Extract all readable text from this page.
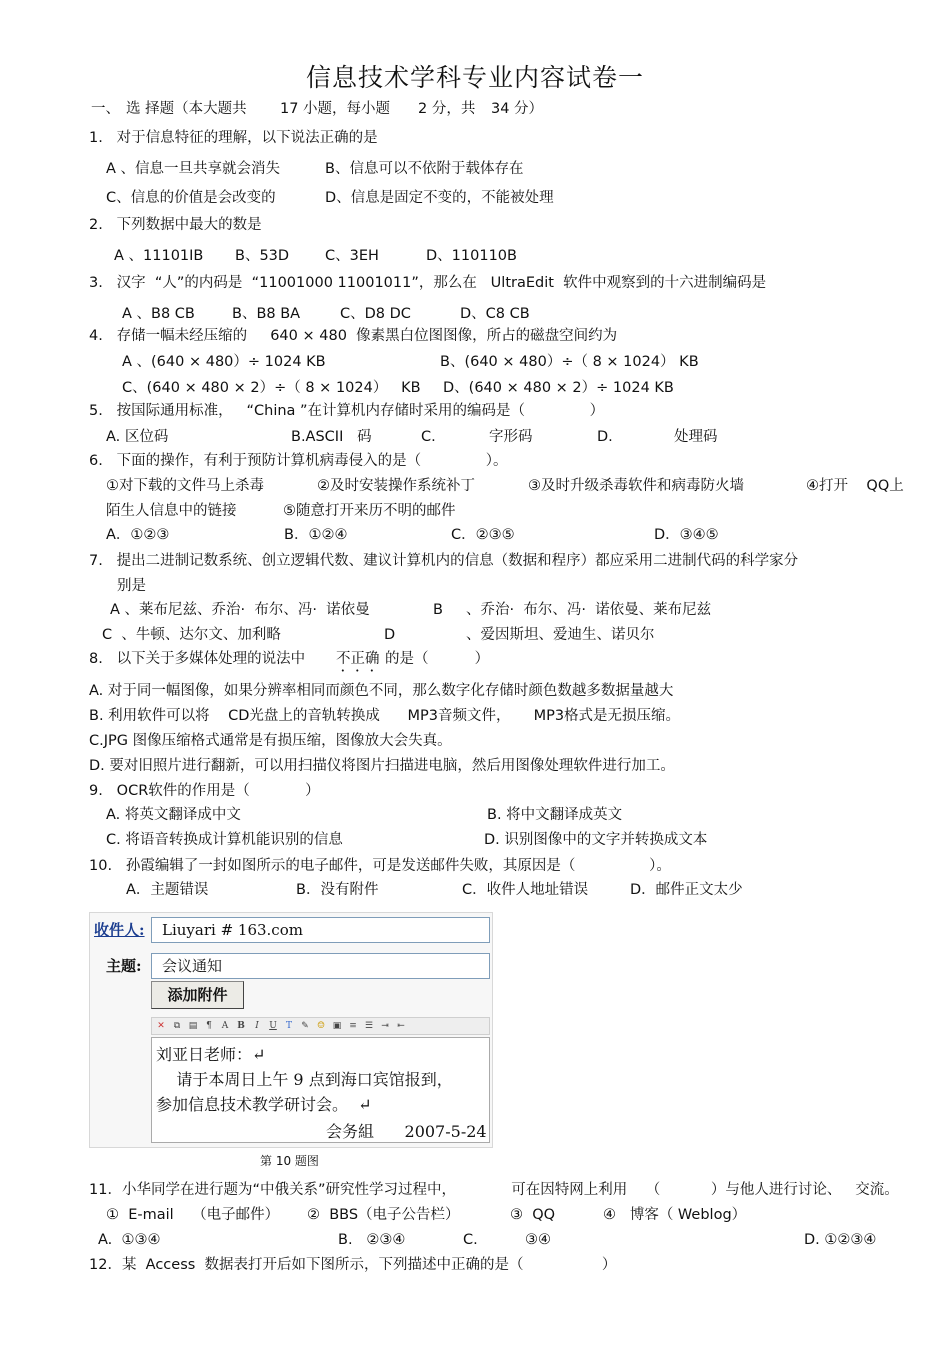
信息技术学科专业内容试卷一
一、 选 择题（本大题共 17 小题，每小题 2 分，共 34 分）
1.   对于信息特征的理解，以下说法正确的是
A 、信息一旦共享就会消失	B、信息可以不依附于载体存在
C、信息的价值是会改变的	D、信息是固定不变的，不能被处理
2.   下列数据中最大的数是
A 、11101IB B、53D C、3EH	D、110110B
3.   汉字  “人”的内码是  “11001000 11001011”，那么在   UltraEdit  软件中观察到的十六进制编码是
A 、B8 CB	B、B8 BA	C、D8 DC	D、C8 CB
4.   存储一幅未经压缩的     640 × 480  像素黑白位图图像，所占的磁盘空间约为
A 、(640 × 480）÷ 1024 KB	B、(640 × 480）÷（ 8 × 1024） KB
C、(640 × 480 × 2）÷（ 8 × 1024）   KB D、(640 × 480 × 2）÷ 1024 KB
5.   按国际通用标准，   “China ”在计算机内存储时采用的编码是（              ）
A. 区位码	B.ASCII   码	C.	字形码	D.	处理码
6.   下面的操作，有利于预防计算机病毒侵入的是（              ）。
①对下载的文件马上杀毒	②及时安装操作系统补丁	③及时升级杀毒软件和病毒防火墙	④打开    QQ上
陌生人信息中的链接	⑤随意打开来历不明的邮件
A．①②③	B．①②④	C．②③⑤	D．③④⑤
7.   提出二进制记数系统、创立逻辑代数、建议计算机内的信息（数据和程序）都应采用二进制代码的科学家分
别是
A 、莱布尼兹、乔治·  布尔、冯·  诺依曼	B 、乔治·  布尔、冯·  诺依曼、莱布尼兹
C  、牛顿、达尔文、加利略	D	、爱因斯坦、爱迪生、诺贝尔
8.   以下关于多媒体处理的说法中 不正确 的是（          ）
A. 对于同一幅图像，如果分辨率相同而颜色不同，那么数字化存储时颜色数越多数据量越大
B. 利用软件可以将    CD光盘上的音轨转换成      MP3音频文件，     MP3格式是无损压缩。
C.JPG 图像压缩格式通常是有损压缩，图像放大会失真。
D. 要对旧照片进行翻新，可以用扫描仪将图片扫描进电脑，然后用图像处理软件进行加工。
9.   OCR软件的作用是（            ）
A. 将英文翻译成中文	B. 将中文翻译成英文
C. 将语音转换成计算机能识别的信息	D. 识别图像中的文字并转换成文本
10.   孙霞编辑了一封如图所示的电子邮件，可是发送邮件失败，其原因是（                ）。
A．主题错误	B．没有附件	C．收件人地址错误	D．邮件正文太少
收件人:	Liuyari # 163.com
主题:	会议通知
添加附件
✕	⧉ ▤ ¶	A B	I	U	T	✎ ☺ ▣ ≡ ☰ ⇥ ⇤
刘亚日老师：↵
请于本周日上午 9 点到海口宾馆报到，
参加信息技术教学研讨会。  ↵
会务組      2007-5-24
第 10 题图
11．小华同学在进行题为“中俄关系”研究性学习过程中，            可在因特网上利用    （           ）与他人进行讨论、   交流。
①  E-mail    （电子邮件） ②  BBS（电子公告栏）	③  QQ	④   博客（ Weblog）
A.  ①③④	B.   ②③④	C.	③④	D. ①②③④
12．某  Access  数据表打开后如下图所示，下列描述中正确的是（                 ）
